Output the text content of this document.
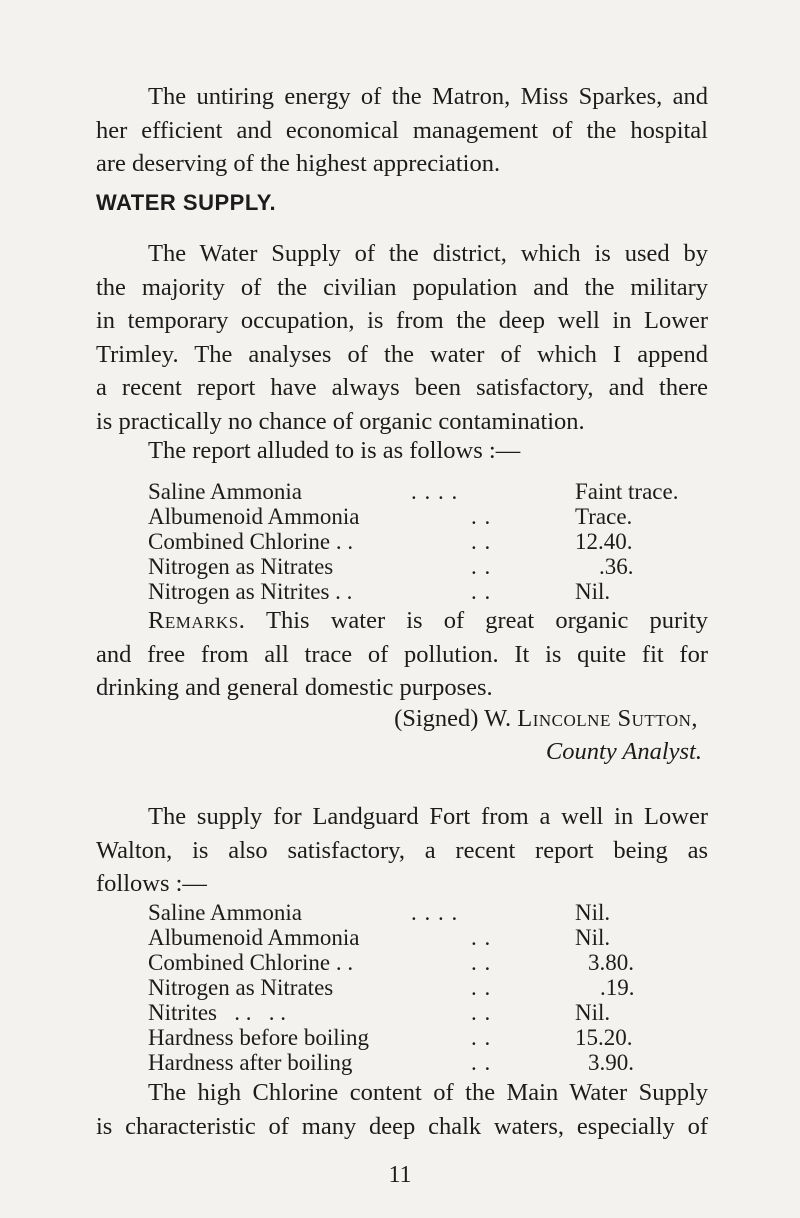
The untiring energy of the Matron, Miss Sparkes, and
her efficient and economical management of the hospital
are deserving of the highest appreciation.

WATER SUPPLY.

The Water Supply of the district, which is used by
the majority of the civilian population and the military
in temporary occupation, is from the deep well in Lower
Trimley. The analyses of the water of which I append
a recent report have always been satisfactory, and there
is practically no chance of organic contamination.

The report alluded to is as follows :—

Saline Ammonia	. . . .	Faint trace.
Albumenoid Ammonia	. .	Trace.
Combined Chlorine . .	. .	12.40.
Nitrogen as Nitrates	. .	.36.
Nitrogen as Nitrites . .	. .	Nil.

Remarks. This water is of great organic purity
and free from all trace of pollution. It is quite fit for
drinking and general domestic purposes.

(Signed) W. Lincolne Sutton,

County Analyst.

The supply for Landguard Fort from a well in Lower
Walton, is also satisfactory, a recent report being as
follows :—

Saline Ammonia	. . . .	Nil.
Albumenoid Ammonia	. .	Nil.
Combined Chlorine . .	. .	3.80.
Nitrogen as Nitrates	. .	.19.
Nitrites   . .   . .	. .	Nil.
Hardness before boiling	. .	15.20.
Hardness after boiling	. .	3.90.

The high Chlorine content of the Main Water Supply
is characteristic of many deep chalk waters, especially of

11
